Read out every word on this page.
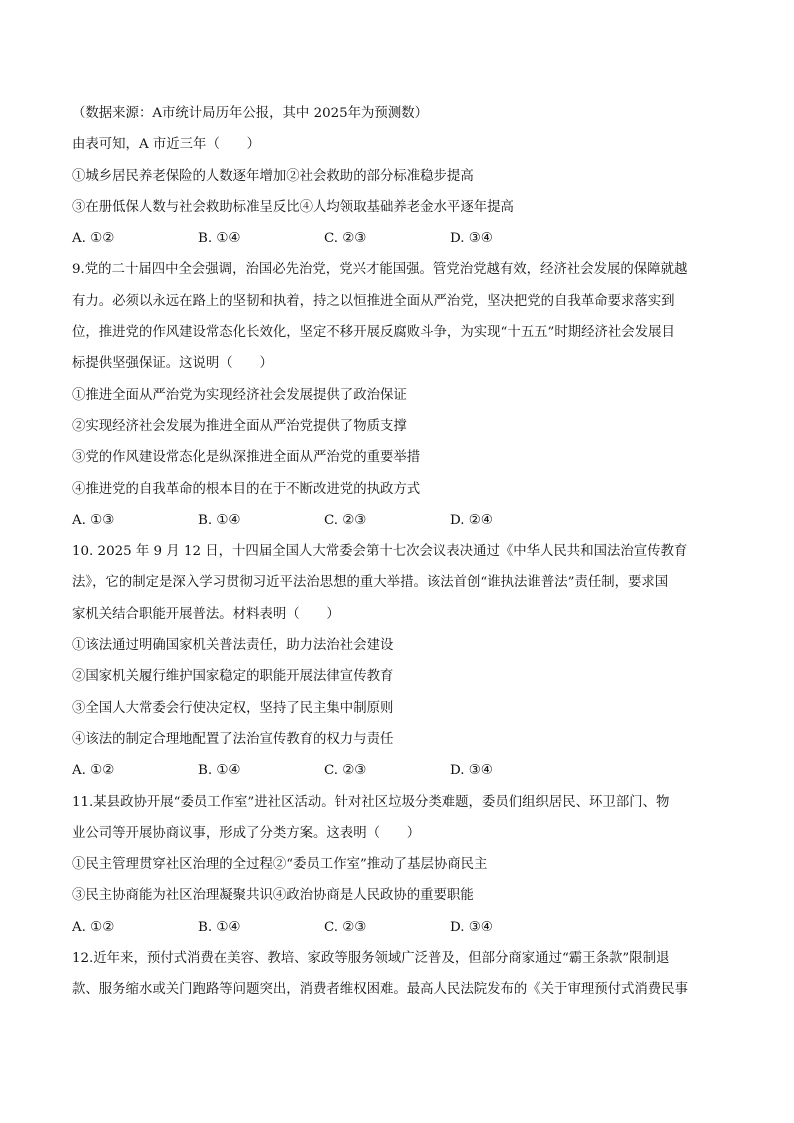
（数据来源：A市统计局历年公报，其中 2025年为预测数）
由表可知，A 市近三年（　　）
①城乡居民养老保险的人数逐年增加②社会救助的部分标准稳步提高
③在册低保人数与社会救助标准呈反比④人均领取基础养老金水平逐年提高
A. ①②	B. ①④	C. ②③	D. ③④
9.党的二十届四中全会强调，治国必先治党，党兴才能国强。管党治党越有效，经济社会发展的保障就越
有力。必须以永远在路上的坚韧和执着，持之以恒推进全面从严治党，坚决把党的自我革命要求落实到
位，推进党的作风建设常态化长效化，坚定不移开展反腐败斗争，为实现“十五五”时期经济社会发展目
标提供坚强保证。这说明（　　）
①推进全面从严治党为实现经济社会发展提供了政治保证
②实现经济社会发展为推进全面从严治党提供了物质支撑
③党的作风建设常态化是纵深推进全面从严治党的重要举措
④推进党的自我革命的根本目的在于不断改进党的执政方式
A. ①③	B. ①④	C. ②③	D. ②④
10. 2025 年 9 月 12 日，十四届全国人大常委会第十七次会议表决通过《中华人民共和国法治宣传教育
法》，它的制定是深入学习贯彻习近平法治思想的重大举措。该法首创“谁执法谁普法”责任制，要求国
家机关结合职能开展普法。材料表明（　　）
①该法通过明确国家机关普法责任，助力法治社会建设
②国家机关履行维护国家稳定的职能开展法律宣传教育
③全国人大常委会行使决定权，坚持了民主集中制原则
④该法的制定合理地配置了法治宣传教育的权力与责任
A. ①②	B. ①④	C. ②③	D. ③④
11.某县政协开展“委员工作室”进社区活动。针对社区垃圾分类难题，委员们组织居民、环卫部门、物
业公司等开展协商议事，形成了分类方案。这表明（　　）
①民主管理贯穿社区治理的全过程②“委员工作室”推动了基层协商民主
③民主协商能为社区治理凝聚共识④政治协商是人民政协的重要职能
A. ①②	B. ①④	C. ②③	D. ③④
12.近年来，预付式消费在美容、教培、家政等服务领域广泛普及，但部分商家通过“霸王条款”限制退
款、服务缩水或关门跑路等问题突出，消费者维权困难。最高人民法院发布的《关于审理预付式消费民事
